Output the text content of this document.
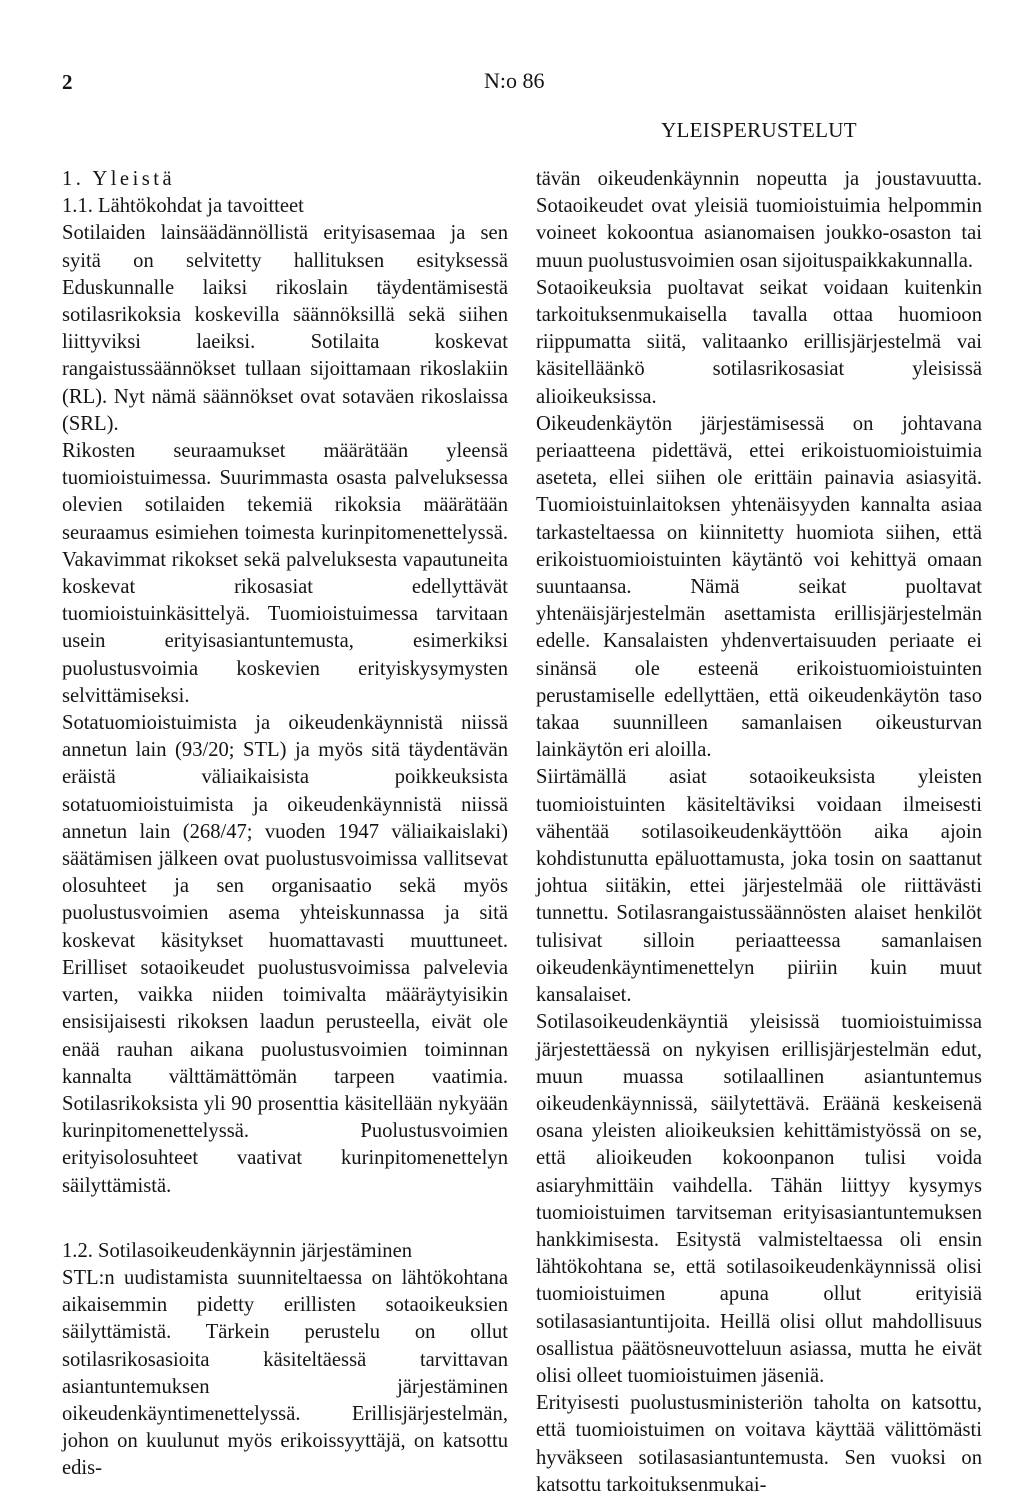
2	N:o 86
YLEISPERUSTELUT

1. Yleistä

1.1. Lähtökohdat ja tavoitteet

Sotilaiden lainsäädännöllistä erityisasemaa ja sen syitä on selvitetty hallituksen esityksessä Eduskunnalle laiksi rikoslain täydentämisestä sotilasrikoksia koskevilla säännöksillä sekä siihen liittyviksi laeiksi. Sotilaita koskevat rangaistussäännökset tullaan sijoittamaan rikoslakiin (RL). Nyt nämä säännökset ovat sotaväen rikoslaissa (SRL).

Rikosten seuraamukset määrätään yleensä tuomioistuimessa. Suurimmasta osasta palveluksessa olevien sotilaiden tekemiä rikoksia määrätään seuraamus esimiehen toimesta kurinpitomenettelyssä. Vakavimmat rikokset sekä palveluksesta vapautuneita koskevat rikosasiat edellyttävät tuomioistuinkäsittelyä. Tuomioistuimessa tarvitaan usein erityisasiantuntemusta, esimerkiksi puolustusvoimia koskevien erityiskysymysten selvittämiseksi.

Sotatuomioistuimista ja oikeudenkäynnistä niissä annetun lain (93/20; STL) ja myös sitä täydentävän eräistä väliaikaisista poikkeuksista sotatuomioistuimista ja oikeudenkäynnistä niissä annetun lain (268/47; vuoden 1947 väliaikaislaki) säätämisen jälkeen ovat puolustusvoimissa vallitsevat olosuhteet ja sen organisaatio sekä myös puolustusvoimien asema yhteiskunnassa ja sitä koskevat käsitykset huomattavasti muuttuneet. Erilliset sotaoikeudet puolustusvoimissa palvelevia varten, vaikka niiden toimivalta määräytyisikin ensisijaisesti rikoksen laadun perusteella, eivät ole enää rauhan aikana puolustusvoimien toiminnan kannalta välttämättömän tarpeen vaatimia. Sotilasrikoksista yli 90 prosenttia käsitellään nykyään kurinpitomenettelyssä. Puolustusvoimien erityisolosuhteet vaativat kurinpitomenettelyn säilyttämistä.

1.2. Sotilasoikeudenkäynnin järjestäminen

STL:n uudistamista suunniteltaessa on lähtökohtana aikaisemmin pidetty erillisten sotaoikeuksien säilyttämistä. Tärkein perustelu on ollut sotilasrikosasioita käsiteltäessä tarvittavan asiantuntemuksen järjestäminen oikeudenkäyntimenettelyssä. Erillisjärjestelmän, johon on kuulunut myös erikoissyyttäjä, on katsottu edis-

tävän oikeudenkäynnin nopeutta ja joustavuutta. Sotaoikeudet ovat yleisiä tuomioistuimia helpommin voineet kokoontua asianomaisen joukko-osaston tai muun puolustusvoimien osan sijoituspaikkakunnalla.

Sotaoikeuksia puoltavat seikat voidaan kuitenkin tarkoituksenmukaisella tavalla ottaa huomioon riippumatta siitä, valitaanko erillisjärjestelmä vai käsitelläänkö sotilasrikosasiat yleisissä alioikeuksissa.

Oikeudenkäytön järjestämisessä on johtavana periaatteena pidettävä, ettei erikoistuomioistuimia aseteta, ellei siihen ole erittäin painavia asiasyitä. Tuomioistuinlaitoksen yhtenäisyyden kannalta asiaa tarkasteltaessa on kiinnitetty huomiota siihen, että erikoistuomioistuinten käytäntö voi kehittyä omaan suuntaansa. Nämä seikat puoltavat yhtenäisjärjestelmän asettamista erillisjärjestelmän edelle. Kansalaisten yhdenvertaisuuden periaate ei sinänsä ole esteenä erikoistuomioistuinten perustamiselle edellyttäen, että oikeudenkäytön taso takaa suunnilleen samanlaisen oikeusturvan lainkäytön eri aloilla.

Siirtämällä asiat sotaoikeuksista yleisten tuomioistuinten käsiteltäviksi voidaan ilmeisesti vähentää sotilasoikeudenkäyttöön aika ajoin kohdistunutta epäluottamusta, joka tosin on saattanut johtua siitäkin, ettei järjestelmää ole riittävästi tunnettu. Sotilasrangaistussäännösten alaiset henkilöt tulisivat silloin periaatteessa samanlaisen oikeudenkäyntimenettelyn piiriin kuin muut kansalaiset.

Sotilasoikeudenkäyntiä yleisissä tuomioistuimissa järjestettäessä on nykyisen erillisjärjestelmän edut, muun muassa sotilaallinen asiantuntemus oikeudenkäynnissä, säilytettävä. Eräänä keskeisenä osana yleisten alioikeuksien kehittämistyössä on se, että alioikeuden kokoonpanon tulisi voida asiaryhmittäin vaihdella. Tähän liittyy kysymys tuomioistuimen tarvitseman erityisasiantuntemuksen hankkimisesta. Esitystä valmisteltaessa oli ensin lähtökohtana se, että sotilasoikeudenkäynnissä olisi tuomioistuimen apuna ollut erityisiä sotilasasiantuntijoita. Heillä olisi ollut mahdollisuus osallistua päätösneuvotteluun asiassa, mutta he eivät olisi olleet tuomioistuimen jäseniä.

Erityisesti puolustusministeriön taholta on katsottu, että tuomioistuimen on voitava käyttää välittömästi hyväkseen sotilasasiantuntemusta. Sen vuoksi on katsottu tarkoituksenmukai-
